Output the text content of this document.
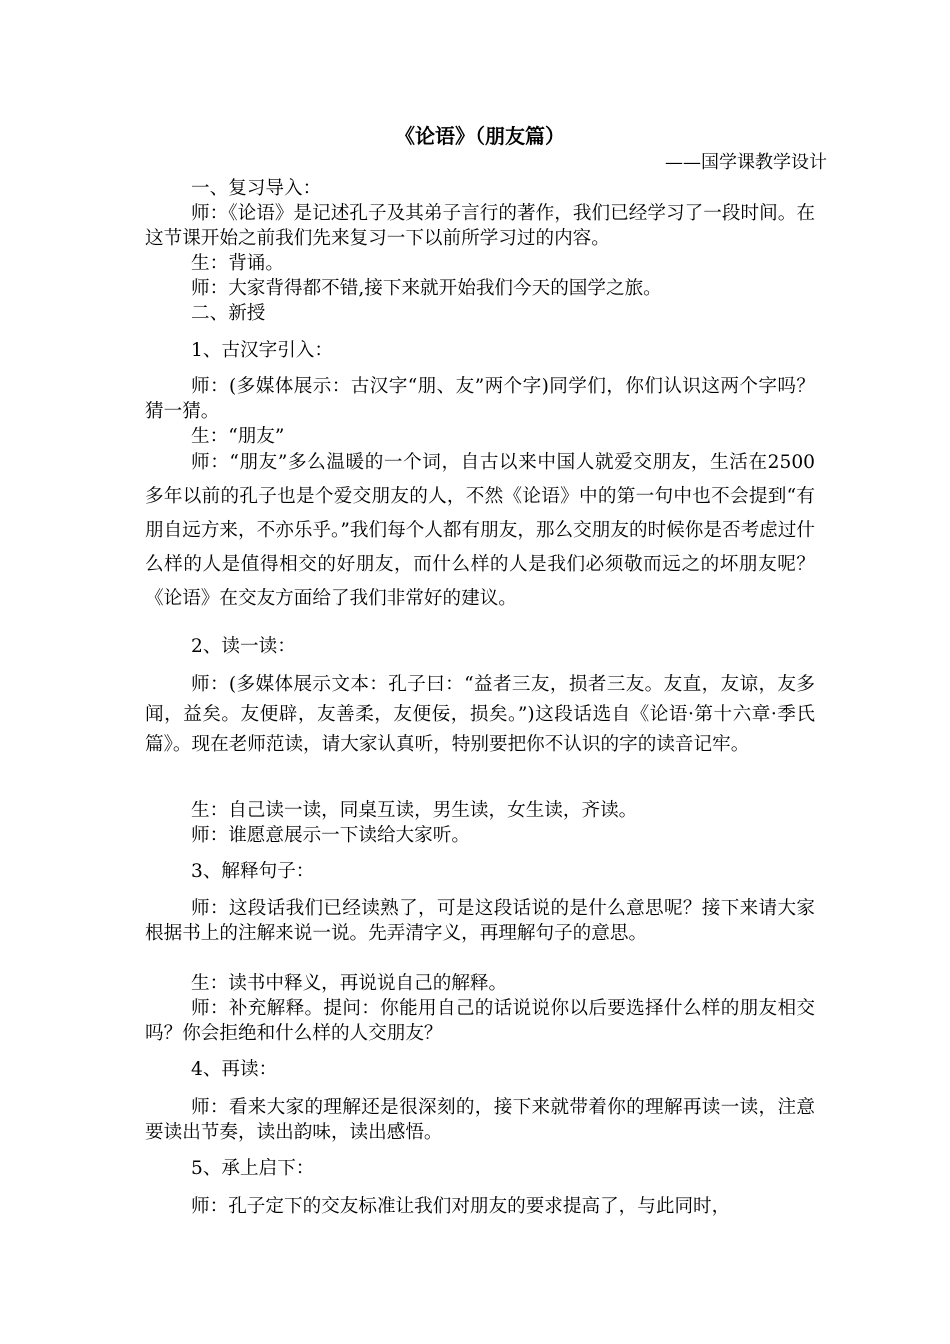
《论语》（朋友篇）
——国学课教学设计

一、复习导入：

师：《论语》是记述孔子及其弟子言行的著作，我们已经学习了一段时间。在这节课开始之前我们先来复习一下以前所学习过的内容。

生：背诵。

师：大家背得都不错,接下来就开始我们今天的国学之旅。

二、新授

1、古汉字引入：

师：(多媒体展示：古汉字“朋、友”两个字)同学们，你们认识这两个字吗？猜一猜。

生：“朋友”

师：“朋友”多么温暖的一个词，自古以来中国人就爱交朋友，生活在2500多年以前的孔子也是个爱交朋友的人，不然《论语》中的第一句中也不会提到“有朋自远方来，不亦乐乎。”我们每个人都有朋友，那么交朋友的时候你是否考虑过什么样的人是值得相交的好朋友，而什么样的人是我们必须敬而远之的坏朋友呢？《论语》在交友方面给了我们非常好的建议。

2、读一读：

师：(多媒体展示文本：孔子曰：“益者三友，损者三友。友直，友谅，友多闻，益矣。友便辟，友善柔，友便佞，损矣。”)这段话选自《论语·第十六章·季氏篇》。现在老师范读，请大家认真听，特别要把你不认识的字的读音记牢。

生：自己读一读，同桌互读，男生读，女生读，齐读。

师：谁愿意展示一下读给大家听。

3、解释句子：

师：这段话我们已经读熟了，可是这段话说的是什么意思呢？接下来请大家根据书上的注解来说一说。先弄清字义，再理解句子的意思。

生：读书中释义，再说说自己的解释。

师：补充解释。提问：你能用自己的话说说你以后要选择什么样的朋友相交吗？你会拒绝和什么样的人交朋友？

4、再读：

师：看来大家的理解还是很深刻的，接下来就带着你的理解再读一读，注意要读出节奏，读出韵味，读出感悟。

5、承上启下：

师：孔子定下的交友标准让我们对朋友的要求提高了，与此同时，
